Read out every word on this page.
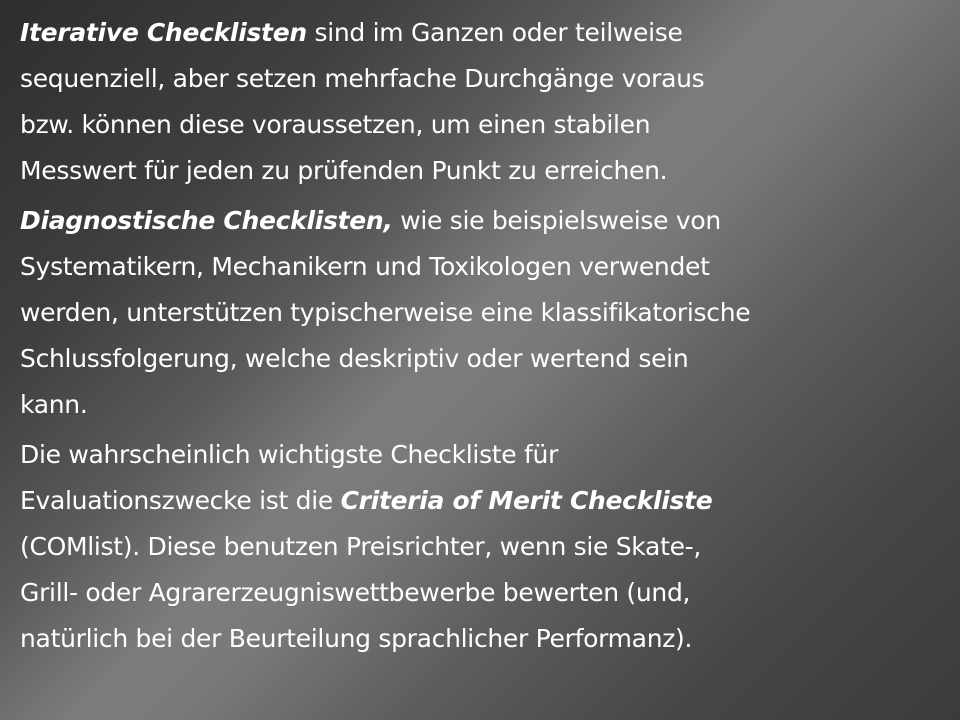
Iterative Checklisten sind im Ganzen oder teilweise
sequenziell, aber setzen mehrfache Durchgänge voraus
bzw. können diese voraussetzen, um einen stabilen
Messwert für jeden zu prüfenden Punkt zu erreichen.
Diagnostische Checklisten, wie sie beispielsweise von
Systematikern, Mechanikern und Toxikologen verwendet
werden, unterstützen typischerweise eine klassifikatorische
Schlussfolgerung, welche deskriptiv oder wertend sein
kann.
Die wahrscheinlich wichtigste Checkliste für
Evaluationszwecke ist die Criteria of Merit Checkliste
(COMlist). Diese benutzen Preisrichter, wenn sie Skate-,
Grill- oder Agrarerzeugniswettbewerbe bewerten (und,
natürlich bei der Beurteilung sprachlicher Performanz).
